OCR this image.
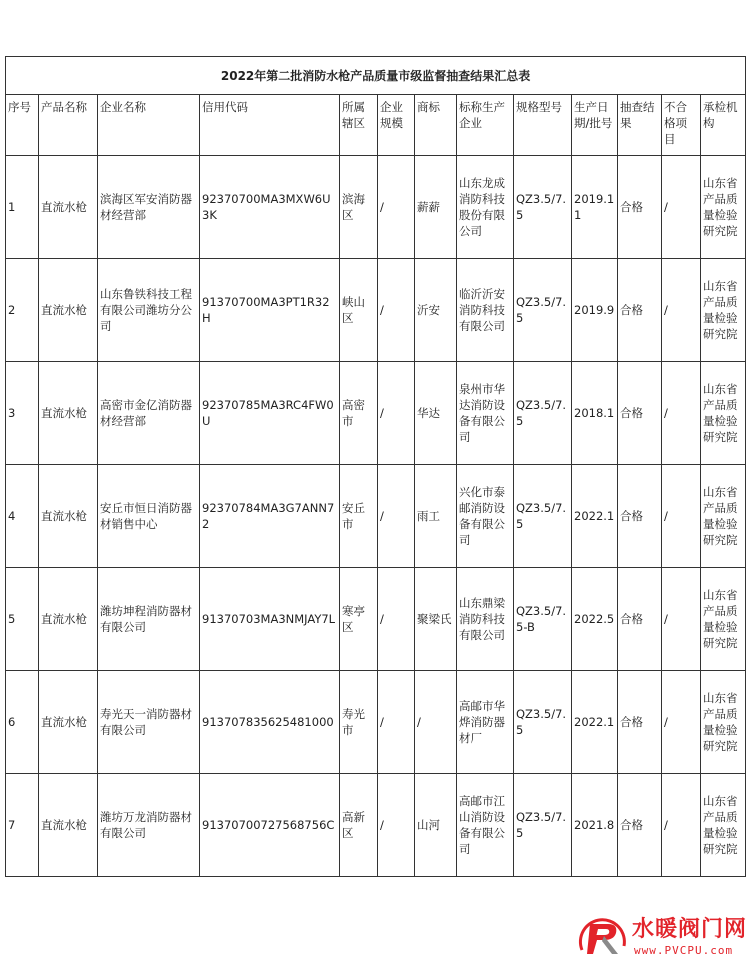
2022年第二批消防水枪产品质量市级监督抽查结果汇总表												
序号	产品名称	企业名称	信用代码	所属辖区	企业规模	商标	标称生产企业	规格型号	生产日期/批号	抽查结果	不合格项目	承检机构
1	直流水枪	滨海区军安消防器材经营部	92370700MA3MXW6U3K	滨海区	/	薪薪	山东龙成消防科技股份有限公司	QZ3.5/7.5	2019.11	合格	/	山东省产品质量检验研究院
2	直流水枪	山东鲁铁科技工程有限公司潍坊分公司	91370700MA3PT1R32H	峡山区	/	沂安	临沂沂安消防科技有限公司	QZ3.5/7.5	2019.9	合格	/	山东省产品质量检验研究院
3	直流水枪	高密市金亿消防器材经营部	92370785MA3RC4FW0U	高密市	/	华达	泉州市华达消防设备有限公司	QZ3.5/7.5	2018.1	合格	/	山东省产品质量检验研究院
4	直流水枪	安丘市恒日消防器材销售中心	92370784MA3G7ANN72	安丘市	/	雨工	兴化市泰邮消防设备有限公司	QZ3.5/7.5	2022.1	合格	/	山东省产品质量检验研究院
5	直流水枪	潍坊坤程消防器材有限公司	91370703MA3NMJAY7L	寒亭区	/	聚梁氏	山东鼎梁消防科技有限公司	QZ3.5/7.5-B	2022.5	合格	/	山东省产品质量检验研究院
6	直流水枪	寿光天一消防器材有限公司	913707835625481000	寿光市	/	/	高邮市华烨消防器材厂	QZ3.5/7.5	2022.1	合格	/	山东省产品质量检验研究院
7	直流水枪	潍坊万龙消防器材有限公司	91370700727568756C	高新区	/	山河	高邮市江山消防设备有限公司	QZ3.5/7.5	2021.8	合格	/	山东省产品质量检验研究院
水暖阀门网
www.PVCPU.com
